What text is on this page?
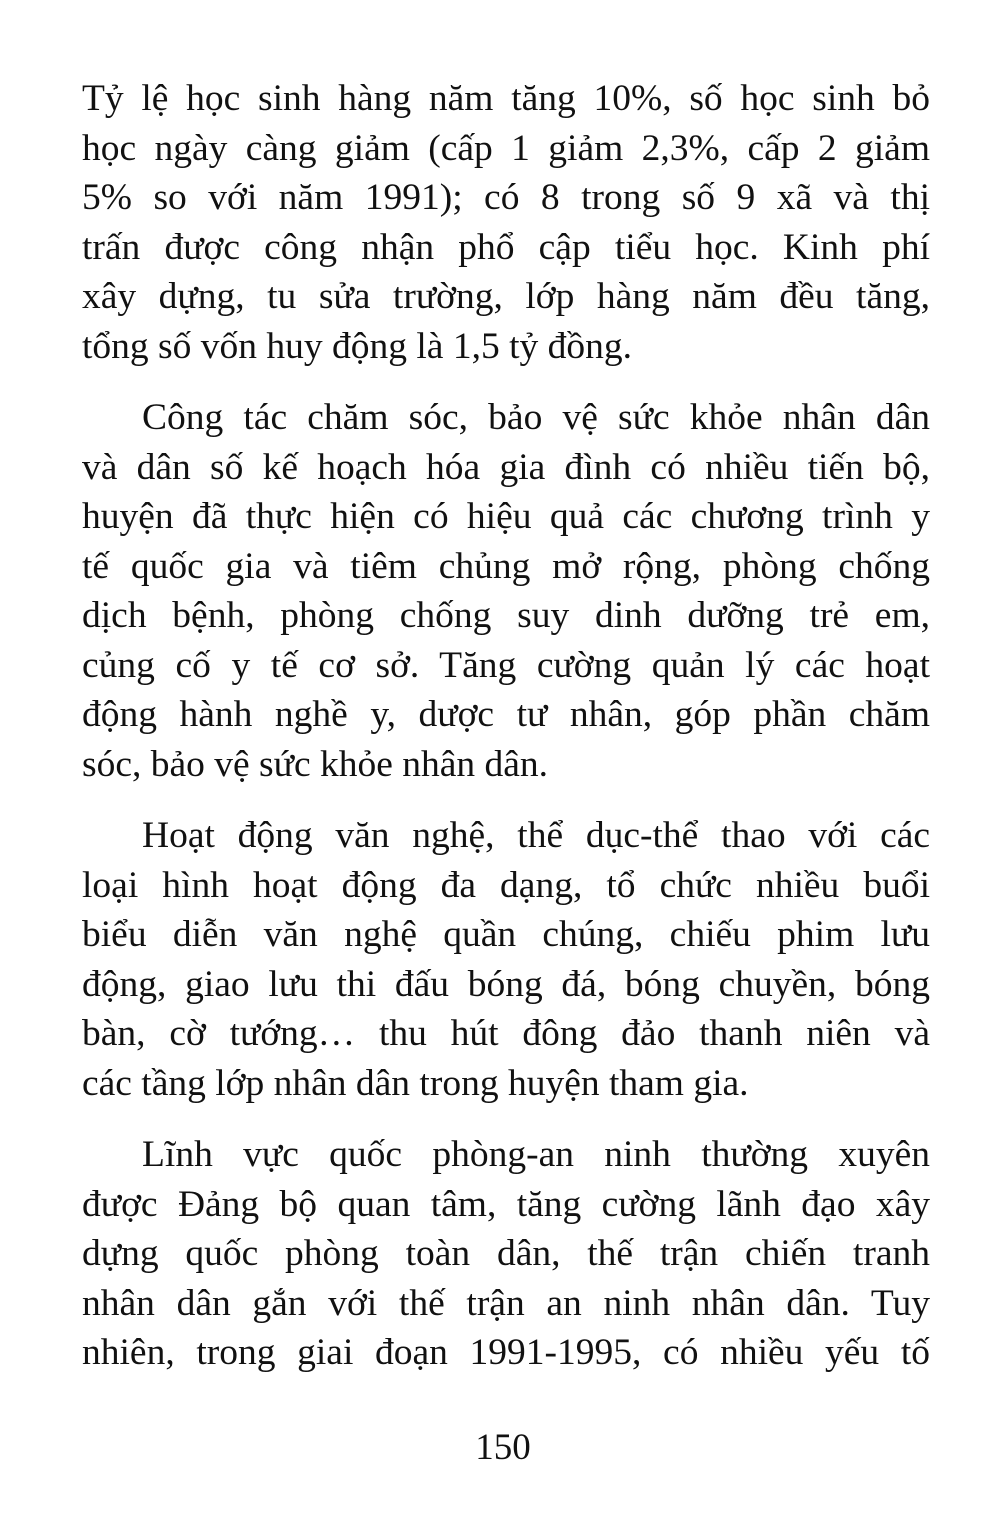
Tỷ lệ học sinh hàng năm tăng 10%, số học sinh bỏ
học ngày càng giảm (cấp 1 giảm 2,3%, cấp 2 giảm
5% so với năm 1991); có 8 trong số 9 xã và thị
trấn được công nhận phổ cập tiểu học. Kinh phí
xây dựng, tu sửa trường, lớp hàng năm đều tăng,
tổng số vốn huy động là 1,5 tỷ đồng.

Công tác chăm sóc, bảo vệ sức khỏe nhân dân
và dân số kế hoạch hóa gia đình có nhiều tiến bộ,
huyện đã thực hiện có hiệu quả các chương trình y
tế quốc gia và tiêm chủng mở rộng, phòng chống
dịch bệnh, phòng chống suy dinh dưỡng trẻ em,
củng cố y tế cơ sở. Tăng cường quản lý các hoạt
động hành nghề y, dược tư nhân, góp phần chăm
sóc, bảo vệ sức khỏe nhân dân.

Hoạt động văn nghệ, thể dục-thể thao với các
loại hình hoạt động đa dạng, tổ chức nhiều buổi
biểu diễn văn nghệ quần chúng, chiếu phim lưu
động, giao lưu thi đấu bóng đá, bóng chuyền, bóng
bàn, cờ tướng… thu hút đông đảo thanh niên và
các tầng lớp nhân dân trong huyện tham gia.

Lĩnh vực quốc phòng-an ninh thường xuyên
được Đảng bộ quan tâm, tăng cường lãnh đạo xây
dựng quốc phòng toàn dân, thế trận chiến tranh
nhân dân gắn với thế trận an ninh nhân dân. Tuy
nhiên, trong giai đoạn 1991-1995, có nhiều yếu tố

150
